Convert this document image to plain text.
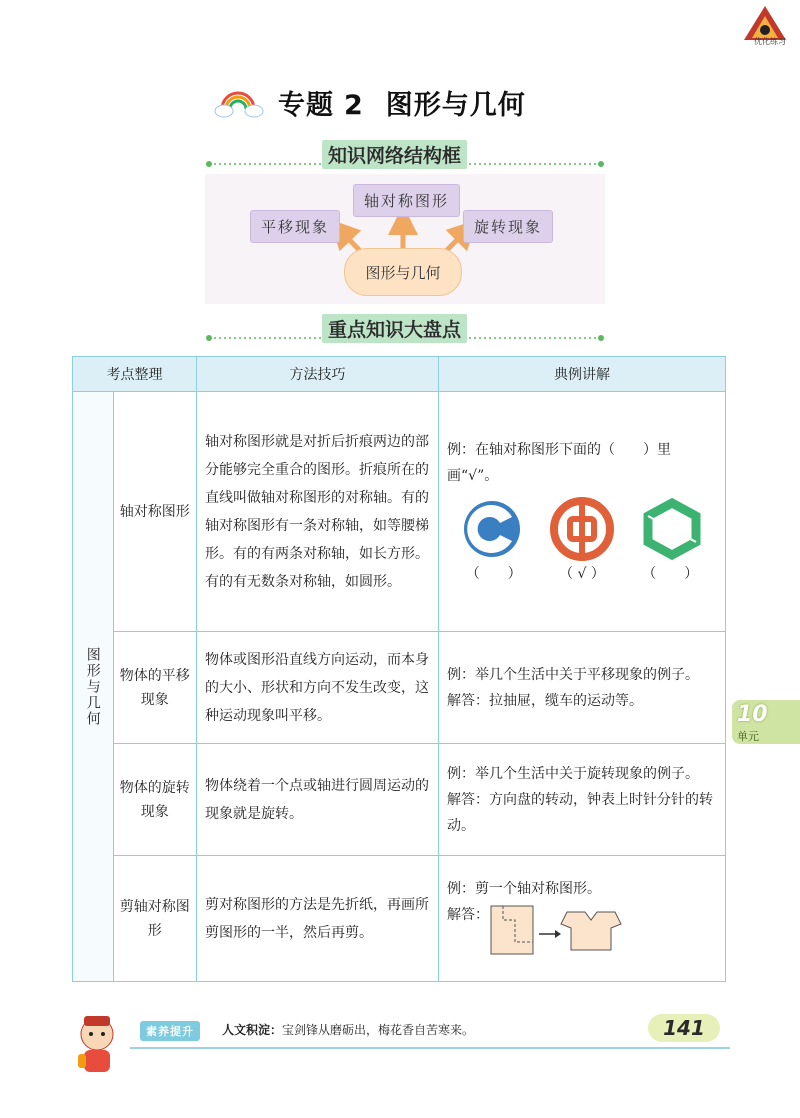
优化练习
专题 2 图形与几何
知识网络结构框
平移现象
轴对称图形
旋转现象
图形与几何
重点知识大盘点
考点整理		方法技巧	典例讲解

图形与几何	轴对称图形	轴对称图形就是对折后折痕两边的部分能够完全重合的图形。折痕所在的直线叫做轴对称图形的对称轴。有的轴对称图形有一条对称轴，如等腰梯形。有的有两条对称轴，如长方形。有的有无数条对称轴，如圆形。	例：在轴对称图形下面的（　　）里画“√”。
（　　） （ √ ） （　　）

	物体的平移现象	物体或图形沿直线方向运动，而本身的大小、形状和方向不发生改变，这种运动现象叫平移。	例：举几个生活中关于平移现象的例子。
解答：拉抽屉，缆车的运动等。

	物体的旋转现象	物体绕着一个点或轴进行圆周运动的现象就是旋转。	例：举几个生活中关于旋转现象的例子。
解答：方向盘的转动，钟表上时针分针的转动。

	剪轴对称图形	剪对称图形的方法是先折纸，再画所剪图形的一半，然后再剪。	例：剪一个轴对称图形。
解答：
10
单元
素养提升	人文积淀：宝剑锋从磨砺出，梅花香自苦寒来。	141
